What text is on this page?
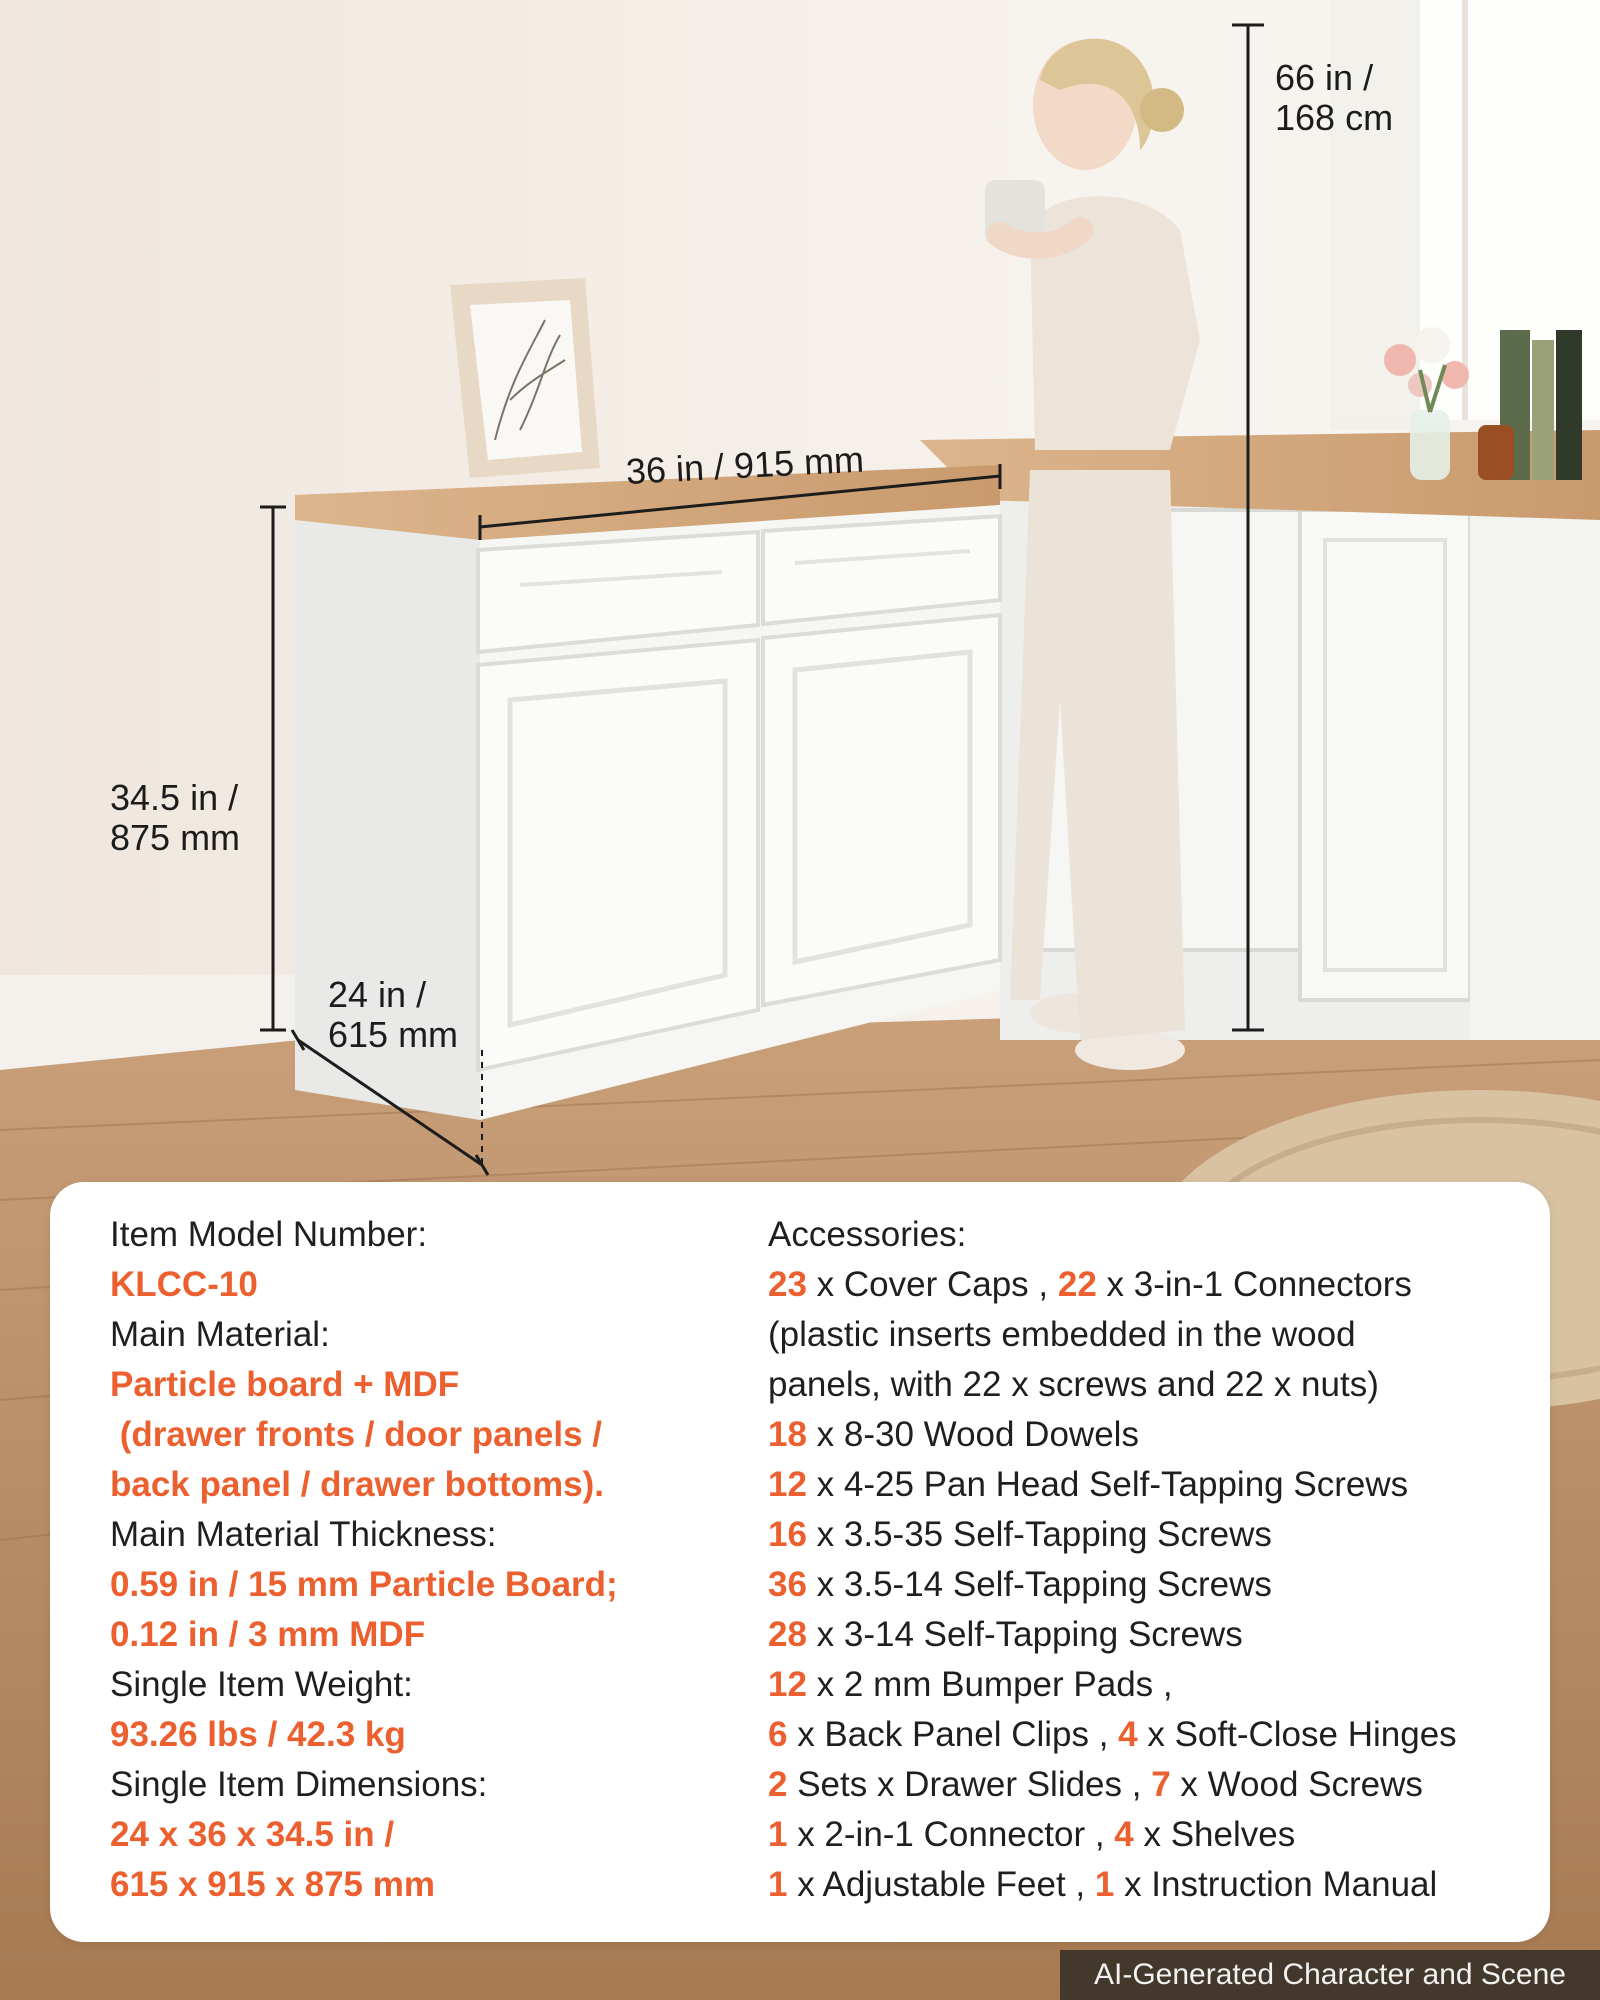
66 in /
168 cm
36 in / 915 mm
34.5 in /
875 mm
24 in /
615 mm
Item Model Number:
KLCC-10
Main Material:
Particle board + MDF
(drawer fronts / door panels /
back panel / drawer bottoms).
Main Material Thickness:
0.59 in / 15 mm Particle Board;
0.12 in / 3 mm MDF
Single Item Weight:
93.26 lbs / 42.3 kg
Single Item Dimensions:
24 x 36 x 34.5 in /
615 x 915 x 875 mm
Accessories:
23 x Cover Caps , 22 x 3-in-1 Connectors
(plastic inserts embedded in the wood
panels, with 22 x screws and 22 x nuts)
18 x 8-30 Wood Dowels
12 x 4-25 Pan Head Self-Tapping Screws
16 x 3.5-35 Self-Tapping Screws
36 x 3.5-14 Self-Tapping Screws
28 x 3-14 Self-Tapping Screws
12 x 2 mm Bumper Pads ,
6 x Back Panel Clips , 4 x Soft-Close Hinges
2 Sets x Drawer Slides , 7 x Wood Screws
1 x 2-in-1 Connector , 4 x Shelves
1 x Adjustable Feet , 1 x Instruction Manual
AI-Generated Character and Scene
